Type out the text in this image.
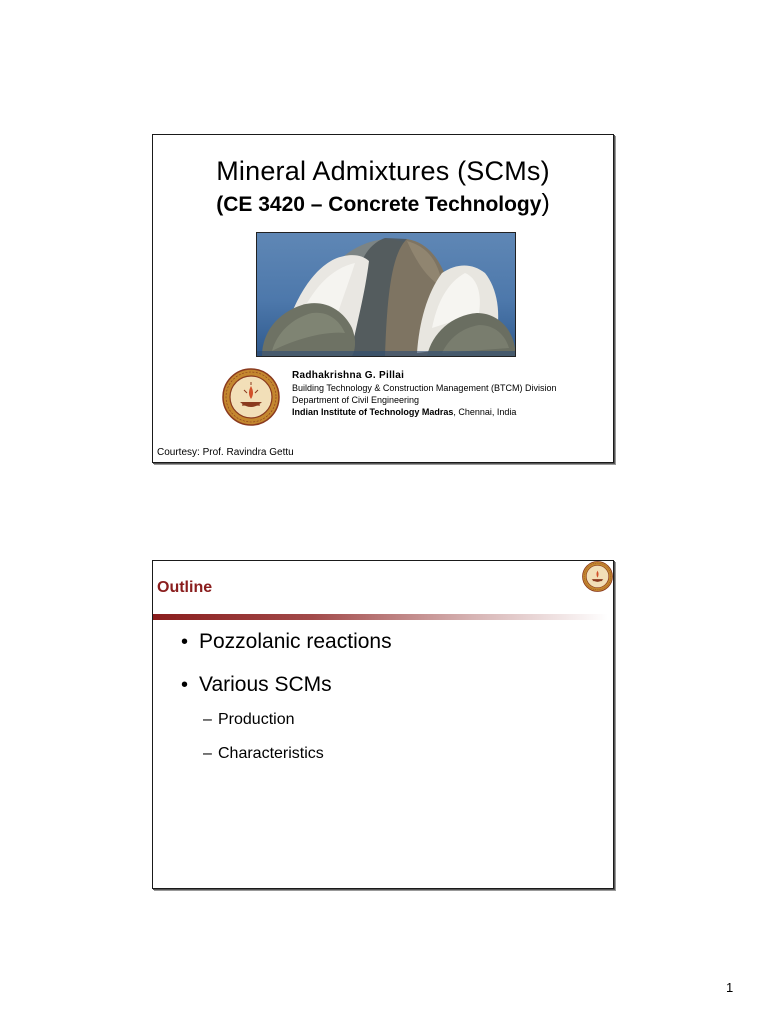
Mineral Admixtures (SCMs)
(CE 3420 – Concrete Technology)
Radhakrishna G. Pillai
Building Technology & Construction Management (BTCM) Division
Department of Civil Engineering
Indian Institute of Technology Madras, Chennai, India
Courtesy: Prof. Ravindra Gettu
Outline
• Pozzolanic reactions
• Various SCMs
– Production
– Characteristics
1
